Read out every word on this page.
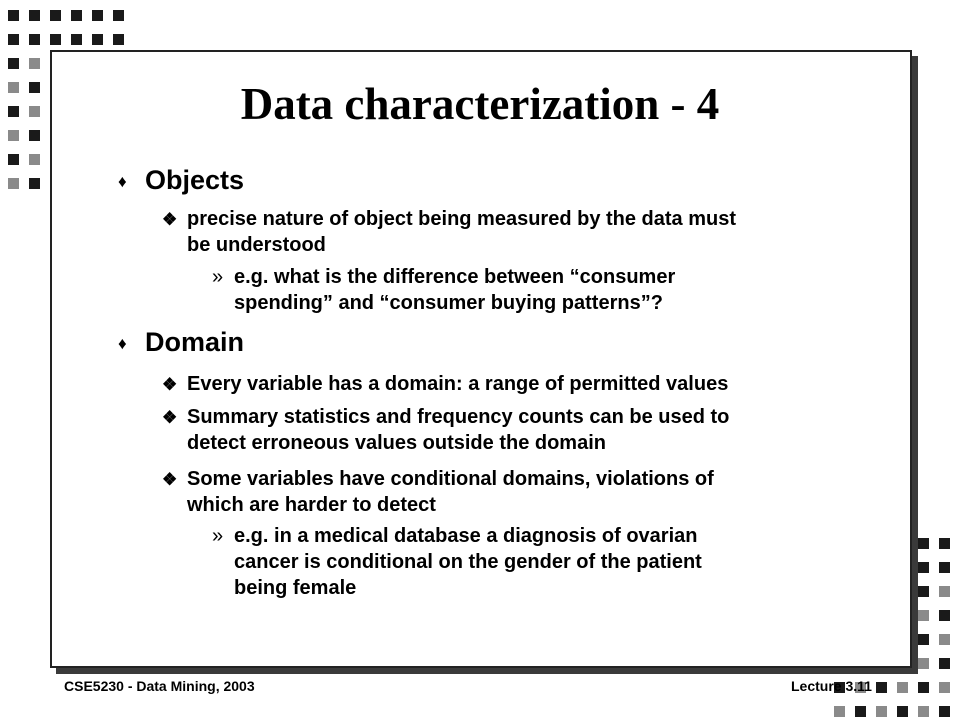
Data characterization - 4
♦ Objects
❖ precise nature of object being measured by the data must
be understood
» e.g. what is the difference between “consumer
spending” and “consumer buying patterns”?
♦ Domain
❖ Every variable has a domain: a range of permitted values
❖ Summary statistics and frequency counts can be used to
detect erroneous values outside the domain
❖ Some variables have conditional domains, violations of
which are harder to detect
» e.g. in a medical database a diagnosis of ovarian
cancer is conditional on the gender of the patient
being female
CSE5230 - Data Mining, 2003	Lecture 3.11
